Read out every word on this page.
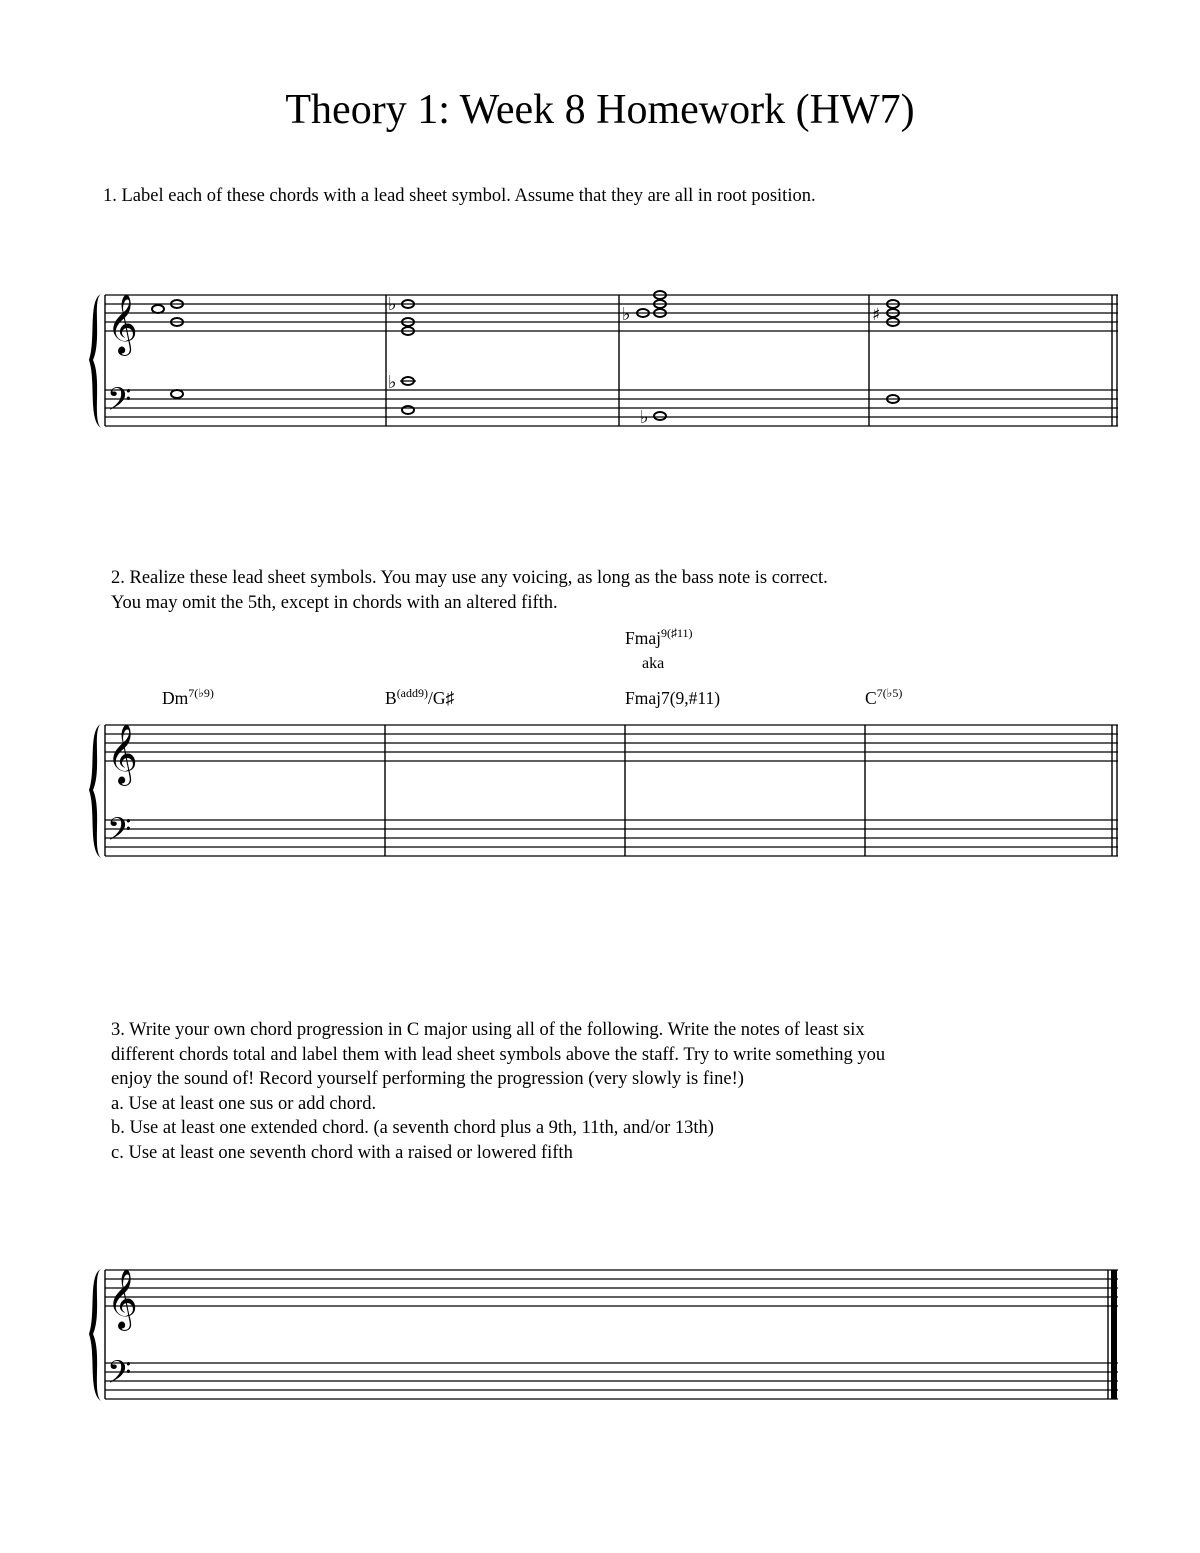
Theory 1: Week 8 Homework (HW7)
1. Label each of these chords with a lead sheet symbol. Assume that they are all in root position.
2. Realize these lead sheet symbols. You may use any voicing, as long as the bass note is correct.
You may omit the 5th, except in chords with an altered fifth.
Fmaj$^{9(♯11)}$
aka
$Dm^{7(♭9)}$	$B^{(add9)}/G♯$	Fmaj7(9,#11)	$C^{7(♭5)}$
3. Write your own chord progression in C major using all of the following. Write the notes of least six
different chords total and label them with lead sheet symbols above the staff. Try to write something you
enjoy the sound of! Record yourself performing the progression (very slowly is fine!)
a. Use at least one sus or add chord.
b. Use at least one extended chord. (a seventh chord plus a 9th, 11th, and/or 13th)
c. Use at least one seventh chord with a raised or lowered fifth
𝄞
𝄢
♭
♭
♭
♭
♯
𝄞
𝄢
𝄞
𝄢
